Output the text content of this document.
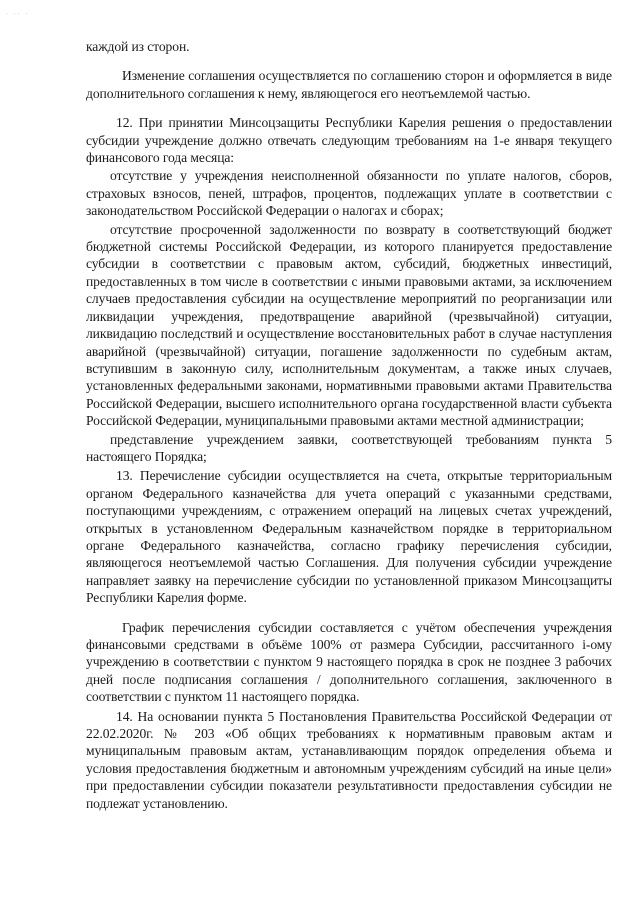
· ·· ·

каждой из сторон.

Изменение соглашения осуществляется по соглашению сторон и оформляется в виде дополнительного соглашения к нему, являющегося его неотъемлемой частью.

12. При принятии Минсоцзащиты Республики Карелия решения о предоставлении субсидии учреждение должно отвечать следующим требованиям на 1-е января текущего финансового года месяца:

отсутствие у учреждения неисполненной обязанности по уплате налогов, сборов, страховых взносов, пеней, штрафов, процентов, подлежащих уплате в соответствии с законодательством Российской Федерации о налогах и сборах;

отсутствие просроченной задолженности по возврату в соответствующий бюджет бюджетной системы Российской Федерации, из которого планируется предоставление субсидии в соответствии с правовым актом, субсидий, бюджетных инвестиций, предоставленных в том числе в соответствии с иными правовыми актами, за исключением случаев предоставления субсидии на осуществление мероприятий по реорганизации или ликвидации учреждения, предотвращение аварийной (чрезвычайной) ситуации, ликвидацию последствий и осуществление восстановительных работ в случае наступления аварийной (чрезвычайной) ситуации, погашение задолженности по судебным актам, вступившим в законную силу, исполнительным документам, а также иных случаев, установленных федеральными законами, нормативными правовыми актами Правительства Российской Федерации, высшего исполнительного органа государственной власти субъекта Российской Федерации, муниципальными правовыми актами местной администрации;

представление учреждением заявки, соответствующей требованиям пункта 5 настоящего Порядка;

13. Перечисление субсидии осуществляется на счета, открытые территориальным органом Федерального казначейства для учета операций с указанными средствами, поступающими учреждениям, с отражением операций на лицевых счетах учреждений, открытых в установленном Федеральным казначейством порядке в территориальном органе Федерального казначейства, согласно графику перечисления субсидии, являющегося неотъемлемой частью Соглашения. Для получения субсидии учреждение направляет заявку на перечисление субсидии по установленной приказом Минсоцзащиты Республики Карелия форме.

График перечисления субсидии составляется с учётом обеспечения учреждения финансовыми средствами в объёме 100% от размера Субсидии, рассчитанного i-ому учреждению в соответствии с пунктом 9 настоящего порядка в срок не позднее 3 рабочих дней после подписания соглашения / дополнительного соглашения, заключенного в соответствии с пунктом 11 настоящего порядка.

14. На основании пункта 5 Постановления Правительства Российской Федерации от 22.02.2020г. № 203 «Об общих требованиях к нормативным правовым актам и муниципальным правовым актам, устанавливающим порядок определения объема и условия предоставления бюджетным и автономным учреждениям субсидий на иные цели» при предоставлении субсидии показатели результативности предоставления субсидии не подлежат установлению.
